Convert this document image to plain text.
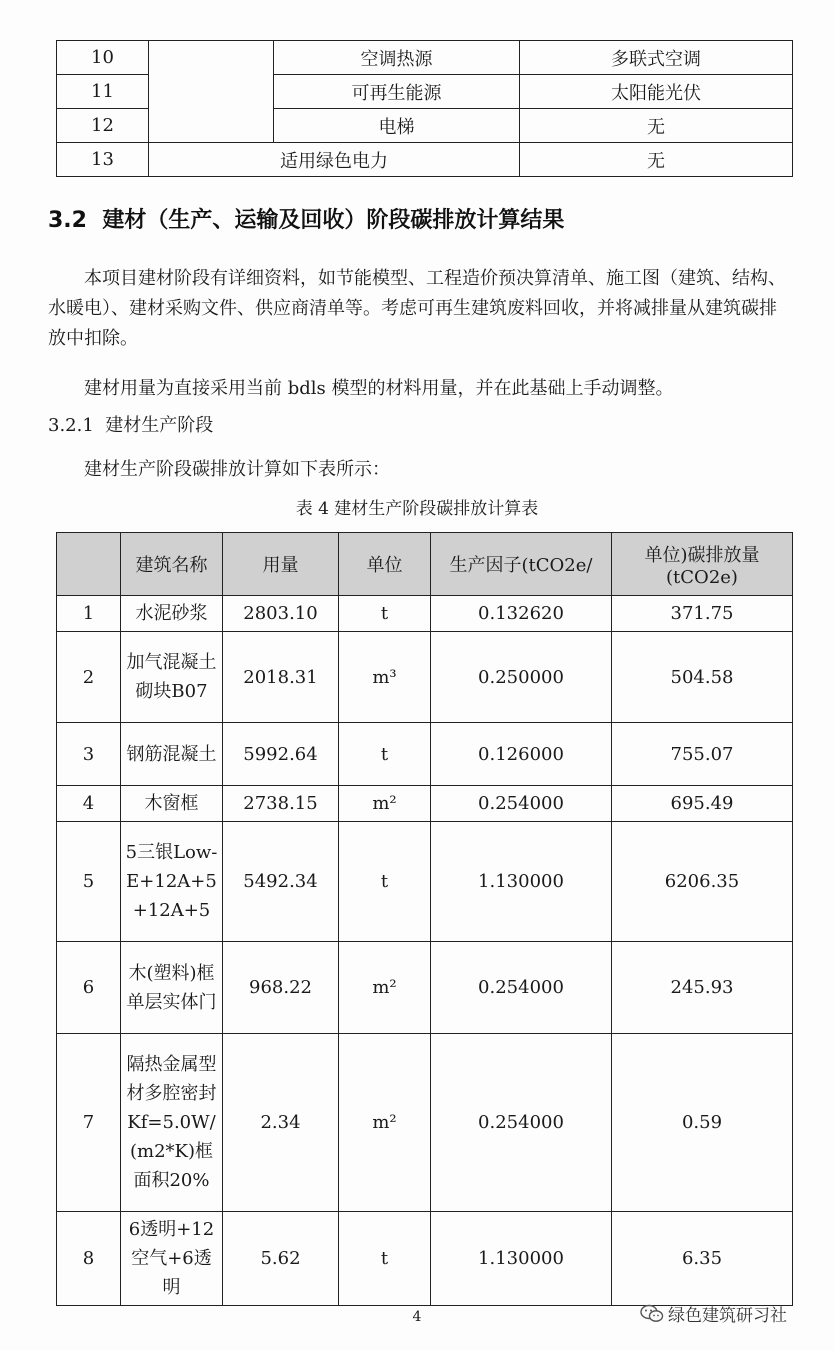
10		空调热源	多联式空调
11		可再生能源	太阳能光伏
12		电梯	无
13	适用绿色电力		无
3.2 建材（生产、运输及回收）阶段碳排放计算结果

本项目建材阶段有详细资料，如节能模型、工程造价预决算清单、施工图（建筑、结构、水暖电）、建材采购文件、供应商清单等。考虑可再生建筑废料回收，并将减排量从建筑碳排放中扣除。

建材用量为直接采用当前 bdls 模型的材料用量，并在此基础上手动调整。

3.2.1 建材生产阶段

建材生产阶段碳排放计算如下表所示：

表 4 建材生产阶段碳排放计算表

	建筑名称	用量	单位	生产因子(tCO2e/	单位)碳排放量(tCO2e)
1	水泥砂浆	2803.10	t	0.132620	371.75
2	加气混凝土砌块B07	2018.31	m³	0.250000	504.58
3	钢筋混凝土	5992.64	t	0.126000	755.07
4	木窗框	2738.15	m²	0.254000	695.49
5	5三银Low-E+12A+5+12A+5	5492.34	t	1.130000	6206.35
6	木(塑料)框单层实体门	968.22	m²	0.254000	245.93
7	隔热金属型材多腔密封Kf=5.0W/(m2*K)框面积20%	2.34	m²	0.254000	0.59
8	6透明+12空气+6透明	5.62	t	1.130000	6.35
4	绿色建筑研习社
